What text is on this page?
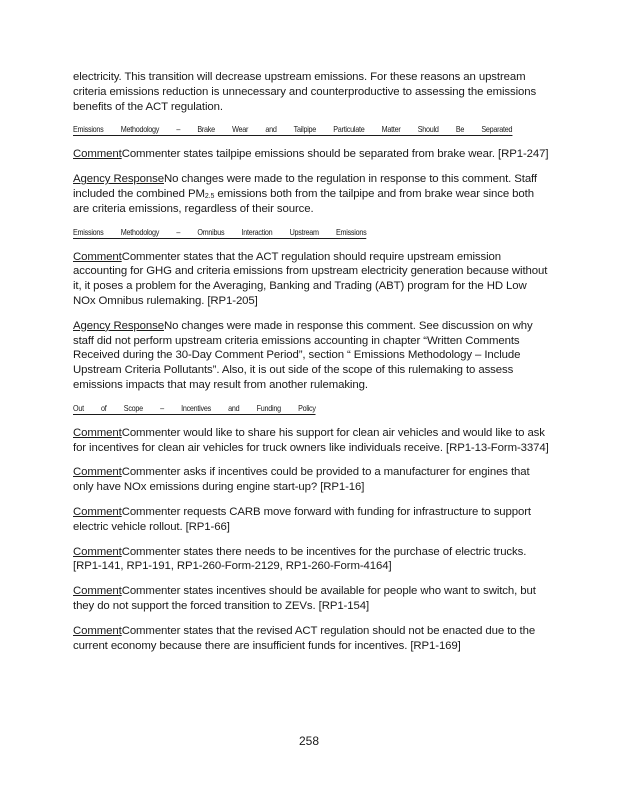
electricity. This transition will decrease upstream emissions. For these reasons an upstream criteria emissions reduction is unnecessary and counterproductive to assessing the emissions benefits of the ACT regulation.

Emissions Methodology – Brake Wear and Tailpipe Particulate Matter Should Be Separated

CommentCommenter states tailpipe emissions should be separated from brake wear. [RP1-247]

Agency ResponseNo changes were made to the regulation in response to this comment. Staff included the combined $PM_{2.5}$ emissions both from the tailpipe and from brake wear since both are criteria emissions, regardless of their source.

Emissions Methodology – Omnibus Interaction Upstream Emissions

CommentCommenter states that the ACT regulation should require upstream emission accounting for GHG and criteria emissions from upstream electricity generation because without it, it poses a problem for the Averaging, Banking and Trading (ABT) program for the HD Low NOx Omnibus rulemaking. [RP1-205]

Agency ResponseNo changes were made in response this comment. See discussion on why staff did not perform upstream criteria emissions accounting in chapter “Written Comments Received during the 30-Day Comment Period”, section “ Emissions Methodology – Include Upstream Criteria Pollutants”. Also, it is out side of the scope of this rulemaking to assess emissions impacts that may result from another rulemaking.

Out of Scope – Incentives and Funding Policy

CommentCommenter would like to share his support for clean air vehicles and would like to ask for incentives for clean air vehicles for truck owners like individuals receive. [RP1-13-Form-3374]

CommentCommenter asks if incentives could be provided to a manufacturer for engines that only have NOx emissions during engine start-up? [RP1-16]

CommentCommenter requests CARB move forward with funding for infrastructure to support electric vehicle rollout. [RP1-66]

CommentCommenter states there needs to be incentives for the purchase of electric trucks. [RP1-141, RP1-191, RP1-260-Form-2129, RP1-260-Form-4164]

CommentCommenter states incentives should be available for people who want to switch, but they do not support the forced transition to ZEVs. [RP1-154]

CommentCommenter states that the revised ACT regulation should not be enacted due to the current economy because there are insufficient funds for incentives. [RP1-169]

258
